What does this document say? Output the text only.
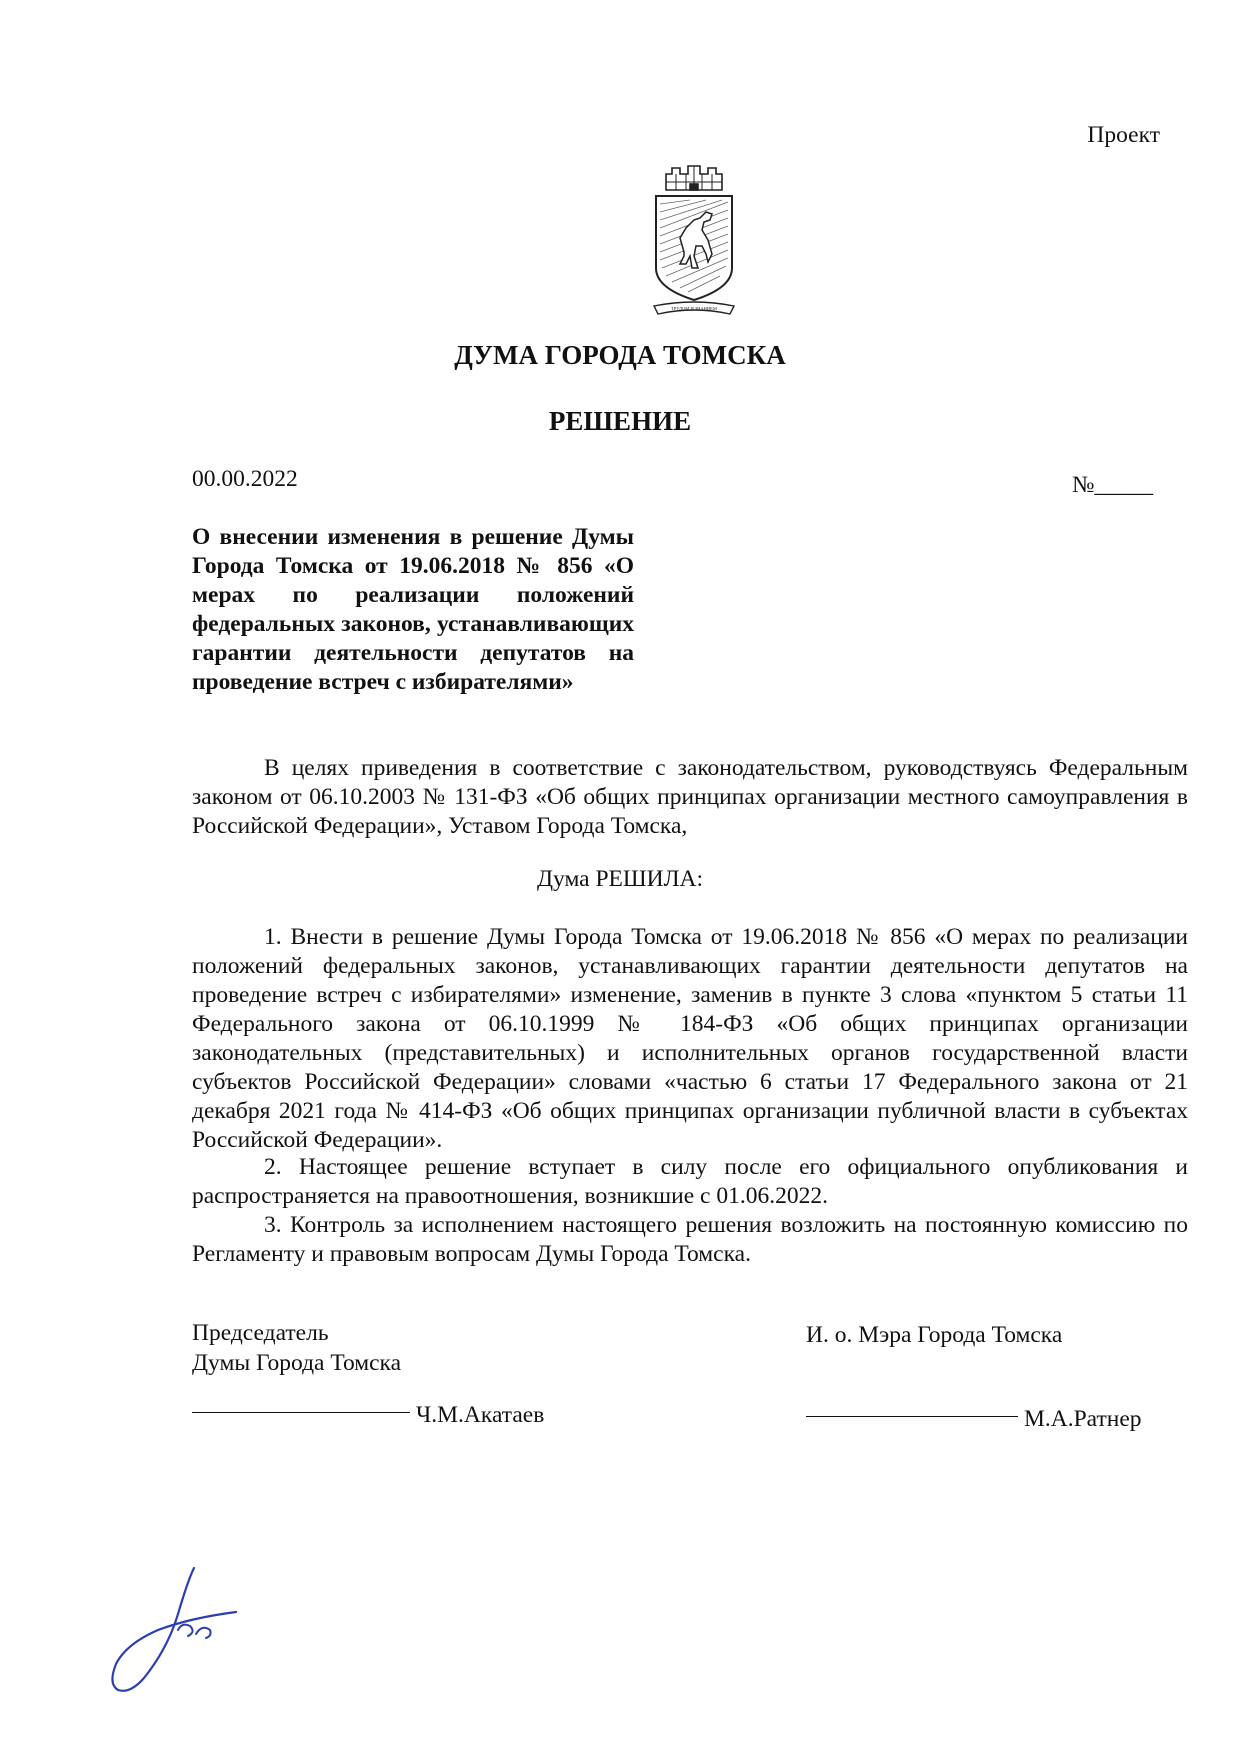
Проект
ТРУДОМ И ЗНАНИЕМ
ДУМА ГОРОДА ТОМСКА
РЕШЕНИЕ
00.00.2022	№_____
О внесении изменения в решение Думы Города Томска от 19.06.2018 № 856 «О мерах по реализации положений федеральных законов, устанавливающих гарантии деятельности депутатов на проведение встреч с избирателями»
В целях приведения в соответствие с законодательством, руководствуясь Федеральным законом от 06.10.2003 № 131-ФЗ «Об общих принципах организации местного самоуправления в Российской Федерации», Уставом Города Томска,
Дума РЕШИЛА:
1. Внести в решение Думы Города Томска от 19.06.2018 № 856 «О мерах по реализации положений федеральных законов, устанавливающих гарантии деятельности депутатов на проведение встреч с избирателями» изменение, заменив в пункте 3 слова «пунктом 5 статьи 11 Федерального закона от 06.10.1999 № 184-ФЗ «Об общих принципах организации законодательных (представительных) и исполнительных органов государственной власти субъектов Российской Федерации» словами «частью 6 статьи 17 Федерального закона от 21 декабря 2021 года № 414-ФЗ «Об общих принципах организации публичной власти в субъектах Российской Федерации».
2. Настоящее решение вступает в силу после его официального опубликования и распространяется на правоотношения, возникшие с 01.06.2022.
3. Контроль за исполнением настоящего решения возложить на постоянную комиссию по Регламенту и правовым вопросам Думы Города Томска.
Председатель
Думы Города Томска
И. о. Мэра Города Томска
Ч.М.Акатаев	М.А.Ратнер
